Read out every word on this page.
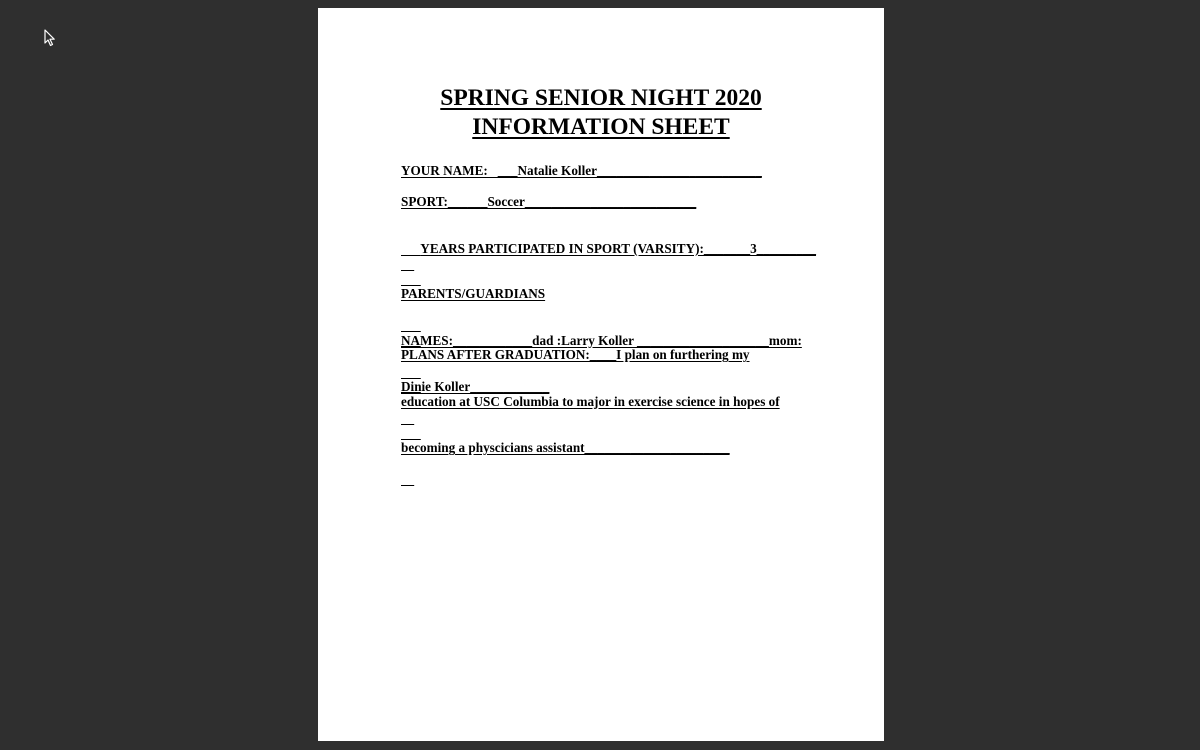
SPRING SENIOR NIGHT 2020
INFORMATION SHEET

YOUR NAME:   ___Natalie Koller_________________________

SPORT:______Soccer__________________________

YEARS PARTICIPATED IN SPORT (VARSITY):_______3_________

PARENTS/GUARDIANS

NAMES:____________dad :Larry Koller ____________________mom:

Dinie Koller____________

PLANS AFTER GRADUATION:____I plan on furthering my

education at USC Columbia to major in exercise science in hopes of

becoming a physcicians assistant______________________
